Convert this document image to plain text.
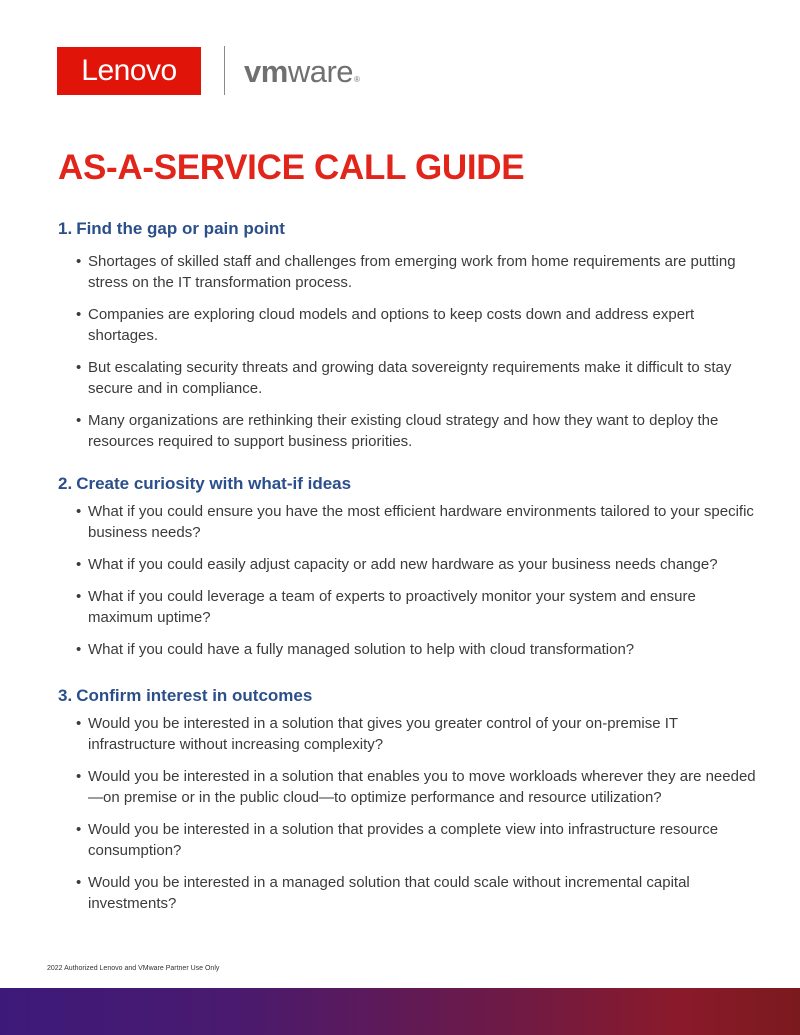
Lenovo	vmware®
AS-A-SERVICE CALL GUIDE
1. Find the gap or pain point
• Shortages of skilled staff and challenges from emerging work from home requirements are putting stress on the IT transformation process.
• Companies are exploring cloud models and options to keep costs down and address expert shortages.
• But escalating security threats and growing data sovereignty requirements make it difficult to stay secure and in compliance.
• Many organizations are rethinking their existing cloud strategy and how they want to deploy the resources required to support business priorities.
2. Create curiosity with what-if ideas
• What if you could ensure you have the most efficient hardware environments tailored to your specific business needs?
• What if you could easily adjust capacity or add new hardware as your business needs change?
• What if you could leverage a team of experts to proactively monitor your system and ensure maximum uptime?
• What if you could have a fully managed solution to help with cloud transformation?
3. Confirm interest in outcomes
• Would you be interested in a solution that gives you greater control of your on-premise IT infrastructure without increasing complexity?
• Would you be interested in a solution that enables you to move workloads wherever they are needed—on premise or in the public cloud—to optimize performance and resource utilization?
• Would you be interested in a solution that provides a complete view into infrastructure resource consumption?
• Would you be interested in a managed solution that could scale without incremental capital investments?
2022 Authorized Lenovo and VMware Partner Use Only
